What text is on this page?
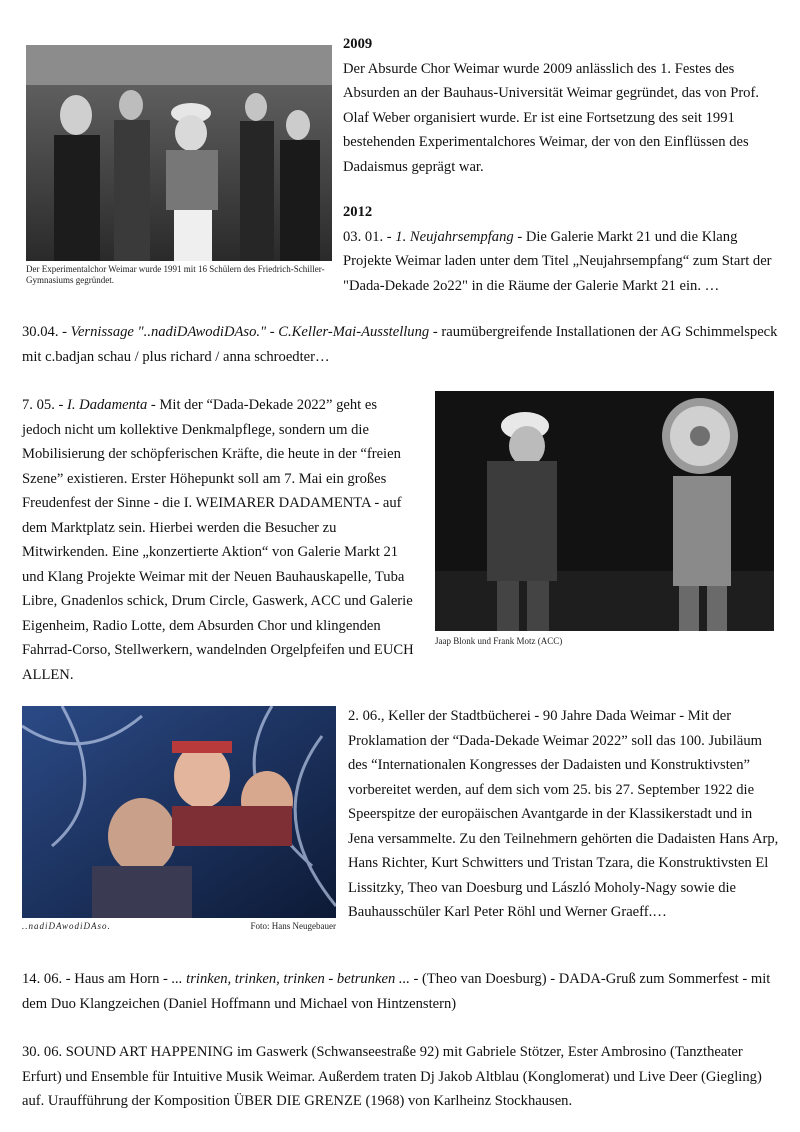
Der Experimentalchor Weimar wurde 1991 mit 16 Schülern des Friedrich-Schiller-Gymnasiums gegründet.
2009
Der Absurde Chor Weimar wurde 2009 anlässlich des 1. Festes des Absurden an der Bauhaus-Universität Weimar gegründet, das von Prof. Olaf Weber organisiert wurde. Er ist eine Fortsetzung des seit 1991 bestehenden Experimentalchores Weimar, der von den Einflüssen des Dadaismus geprägt war.
2012
03. 01. - 1. Neujahrsempfang - Die Galerie Markt 21 und die Klang Projekte Weimar laden unter dem Titel „Neujahrsempfang“ zum Start der "Dada-Dekade 2o22" in die Räume der Galerie Markt 21 ein. …
30.04. - Vernissage "..nadiDAwodiDAso." - C.Keller-Mai-Ausstellung - raumübergreifende Installationen der AG Schimmelspeck mit c.badjan schau / plus richard / anna schroedter…
7. 05. - I. Dadamenta - Mit der “Dada-Dekade 2022” geht es jedoch nicht um kollektive Denkmalpflege, sondern um die Mobilisierung der schöpferischen Kräfte, die heute in der “freien Szene” existieren. Erster Höhepunkt soll am 7. Mai ein großes Freudenfest der Sinne - die I. WEIMARER DADAMENTA - auf dem Marktplatz sein. Hierbei werden die Besucher zu Mitwirkenden. Eine „konzertierte Aktion“ von Galerie Markt 21 und Klang Projekte Weimar mit der Neuen Bauhauskapelle, Tuba Libre, Gnadenlos schick, Drum Circle, Gaswerk, ACC und Galerie Eigenheim, Radio Lotte, dem Absurden Chor und klingenden Fahrrad-Corso, Stellwerkern, wandelnden Orgelpfeifen und EUCH ALLEN.
Jaap Blonk und Frank Motz (ACC)
..nadiDAwodiDAso.	Foto: Hans Neugebauer
2. 06., Keller der Stadtbücherei - 90 Jahre Dada Weimar - Mit der Proklamation der “Dada-Dekade Weimar 2022” soll das 100. Jubiläum des “Internationalen Kongresses der Dadaisten und Konstruktivsten” vorbereitet werden, auf dem sich vom 25. bis 27. September 1922 die Speerspitze der europäischen Avantgarde in der Klassikerstadt und in Jena versammelte. Zu den Teilnehmern gehörten die Dadaisten Hans Arp, Hans Richter, Kurt Schwitters und Tristan Tzara, die Konstruktivsten El Lissitzky, Theo van Doesburg und László Moholy-Nagy sowie die Bauhausschüler Karl Peter Röhl und Werner Graeff.…
14. 06. - Haus am Horn - ... trinken, trinken, trinken - betrunken ... - (Theo van Doesburg) - DADA-Gruß zum Sommerfest - mit dem Duo Klangzeichen (Daniel Hoffmann und Michael von Hintzenstern)
30. 06. SOUND ART HAPPENING im Gaswerk (Schwanseestraße 92) mit Gabriele Stötzer, Ester Ambrosino (Tanztheater Erfurt) und Ensemble für Intuitive Musik Weimar. Außerdem traten Dj Jakob Altblau (Konglomerat) und Live Deer (Giegling) auf. Uraufführung der Komposition ÜBER DIE GRENZE (1968) von Karlheinz Stockhausen.
